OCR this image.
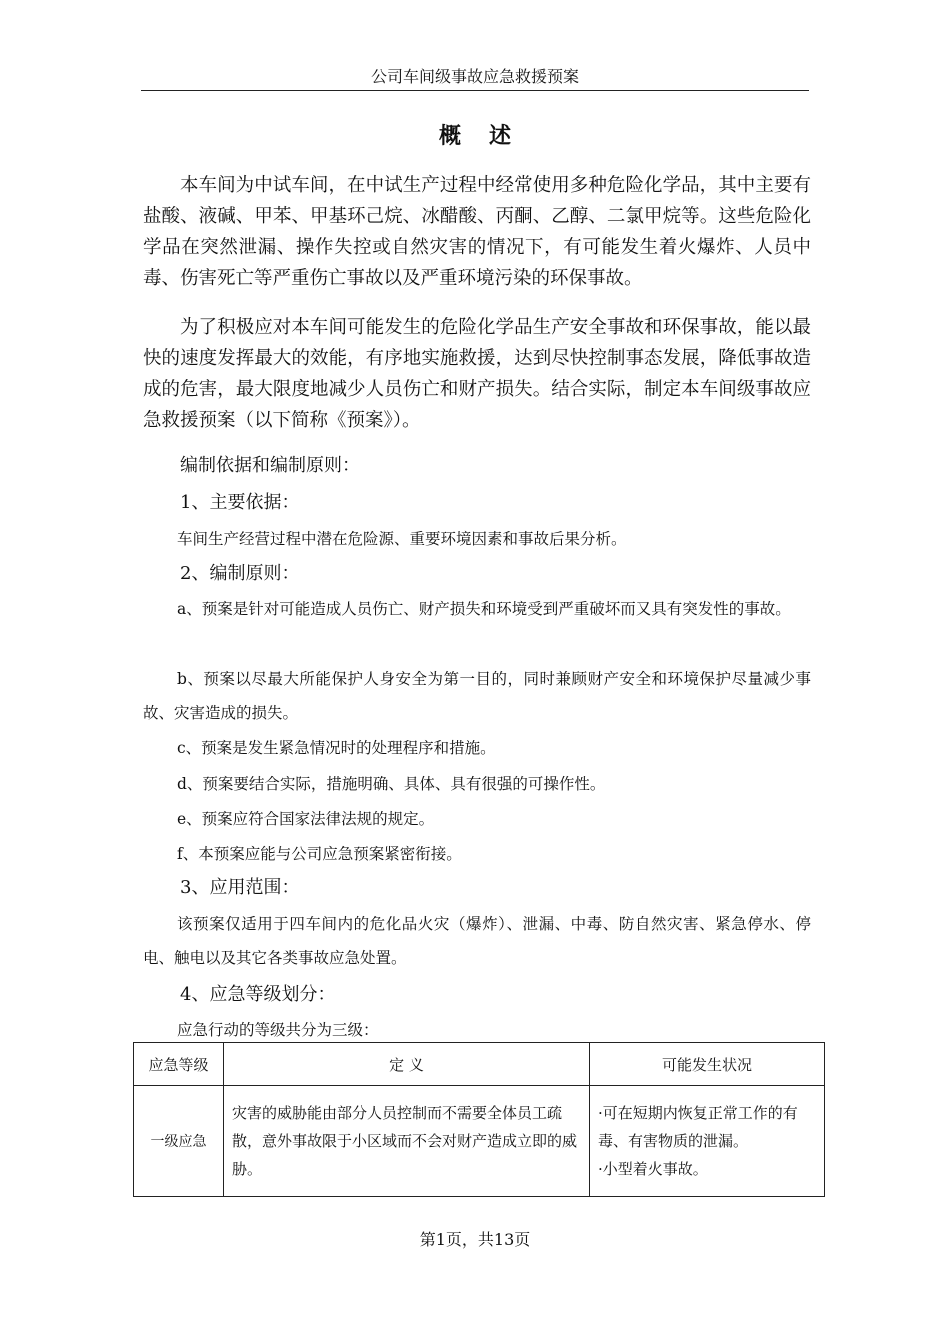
公司车间级事故应急救援预案
概述
本车间为中试车间，在中试生产过程中经常使用多种危险化学品，其中主要有盐酸、液碱、甲苯、甲基环己烷、冰醋酸、丙酮、乙醇、二氯甲烷等。这些危险化学品在突然泄漏、操作失控或自然灾害的情况下，有可能发生着火爆炸、人员中毒、伤害死亡等严重伤亡事故以及严重环境污染的环保事故。
为了积极应对本车间可能发生的危险化学品生产安全事故和环保事故，能以最快的速度发挥最大的效能，有序地实施救援，达到尽快控制事态发展，降低事故造成的危害，最大限度地减少人员伤亡和财产损失。结合实际，制定本车间级事故应急救援预案（以下简称《预案》）。
编制依据和编制原则：
1、主要依据：
车间生产经营过程中潜在危险源、重要环境因素和事故后果分析。
2、编制原则：
a、预案是针对可能造成人员伤亡、财产损失和环境受到严重破坏而又具有突发性的事故。
b、预案以尽最大所能保护人身安全为第一目的，同时兼顾财产安全和环境保护尽量减少事故、灾害造成的损失。
c、预案是发生紧急情况时的处理程序和措施。
d、预案要结合实际，措施明确、具体、具有很强的可操作性。
e、预案应符合国家法律法规的规定。
f、本预案应能与公司应急预案紧密衔接。
3、应用范围：
该预案仅适用于四车间内的危化品火灾（爆炸）、泄漏、中毒、防自然灾害、紧急停水、停电、触电以及其它各类事故应急处置。
4、应急等级划分：
应急行动的等级共分为三级：
应急等级	定 义	可能发生状况
一级应急	灾害的威胁能由部分人员控制而不需要全体员工疏散，意外事故限于小区域而不会对财产造成立即的威胁。	·可在短期内恢复正常工作的有毒、有害物质的泄漏。
·小型着火事故。
第1页，共13页
